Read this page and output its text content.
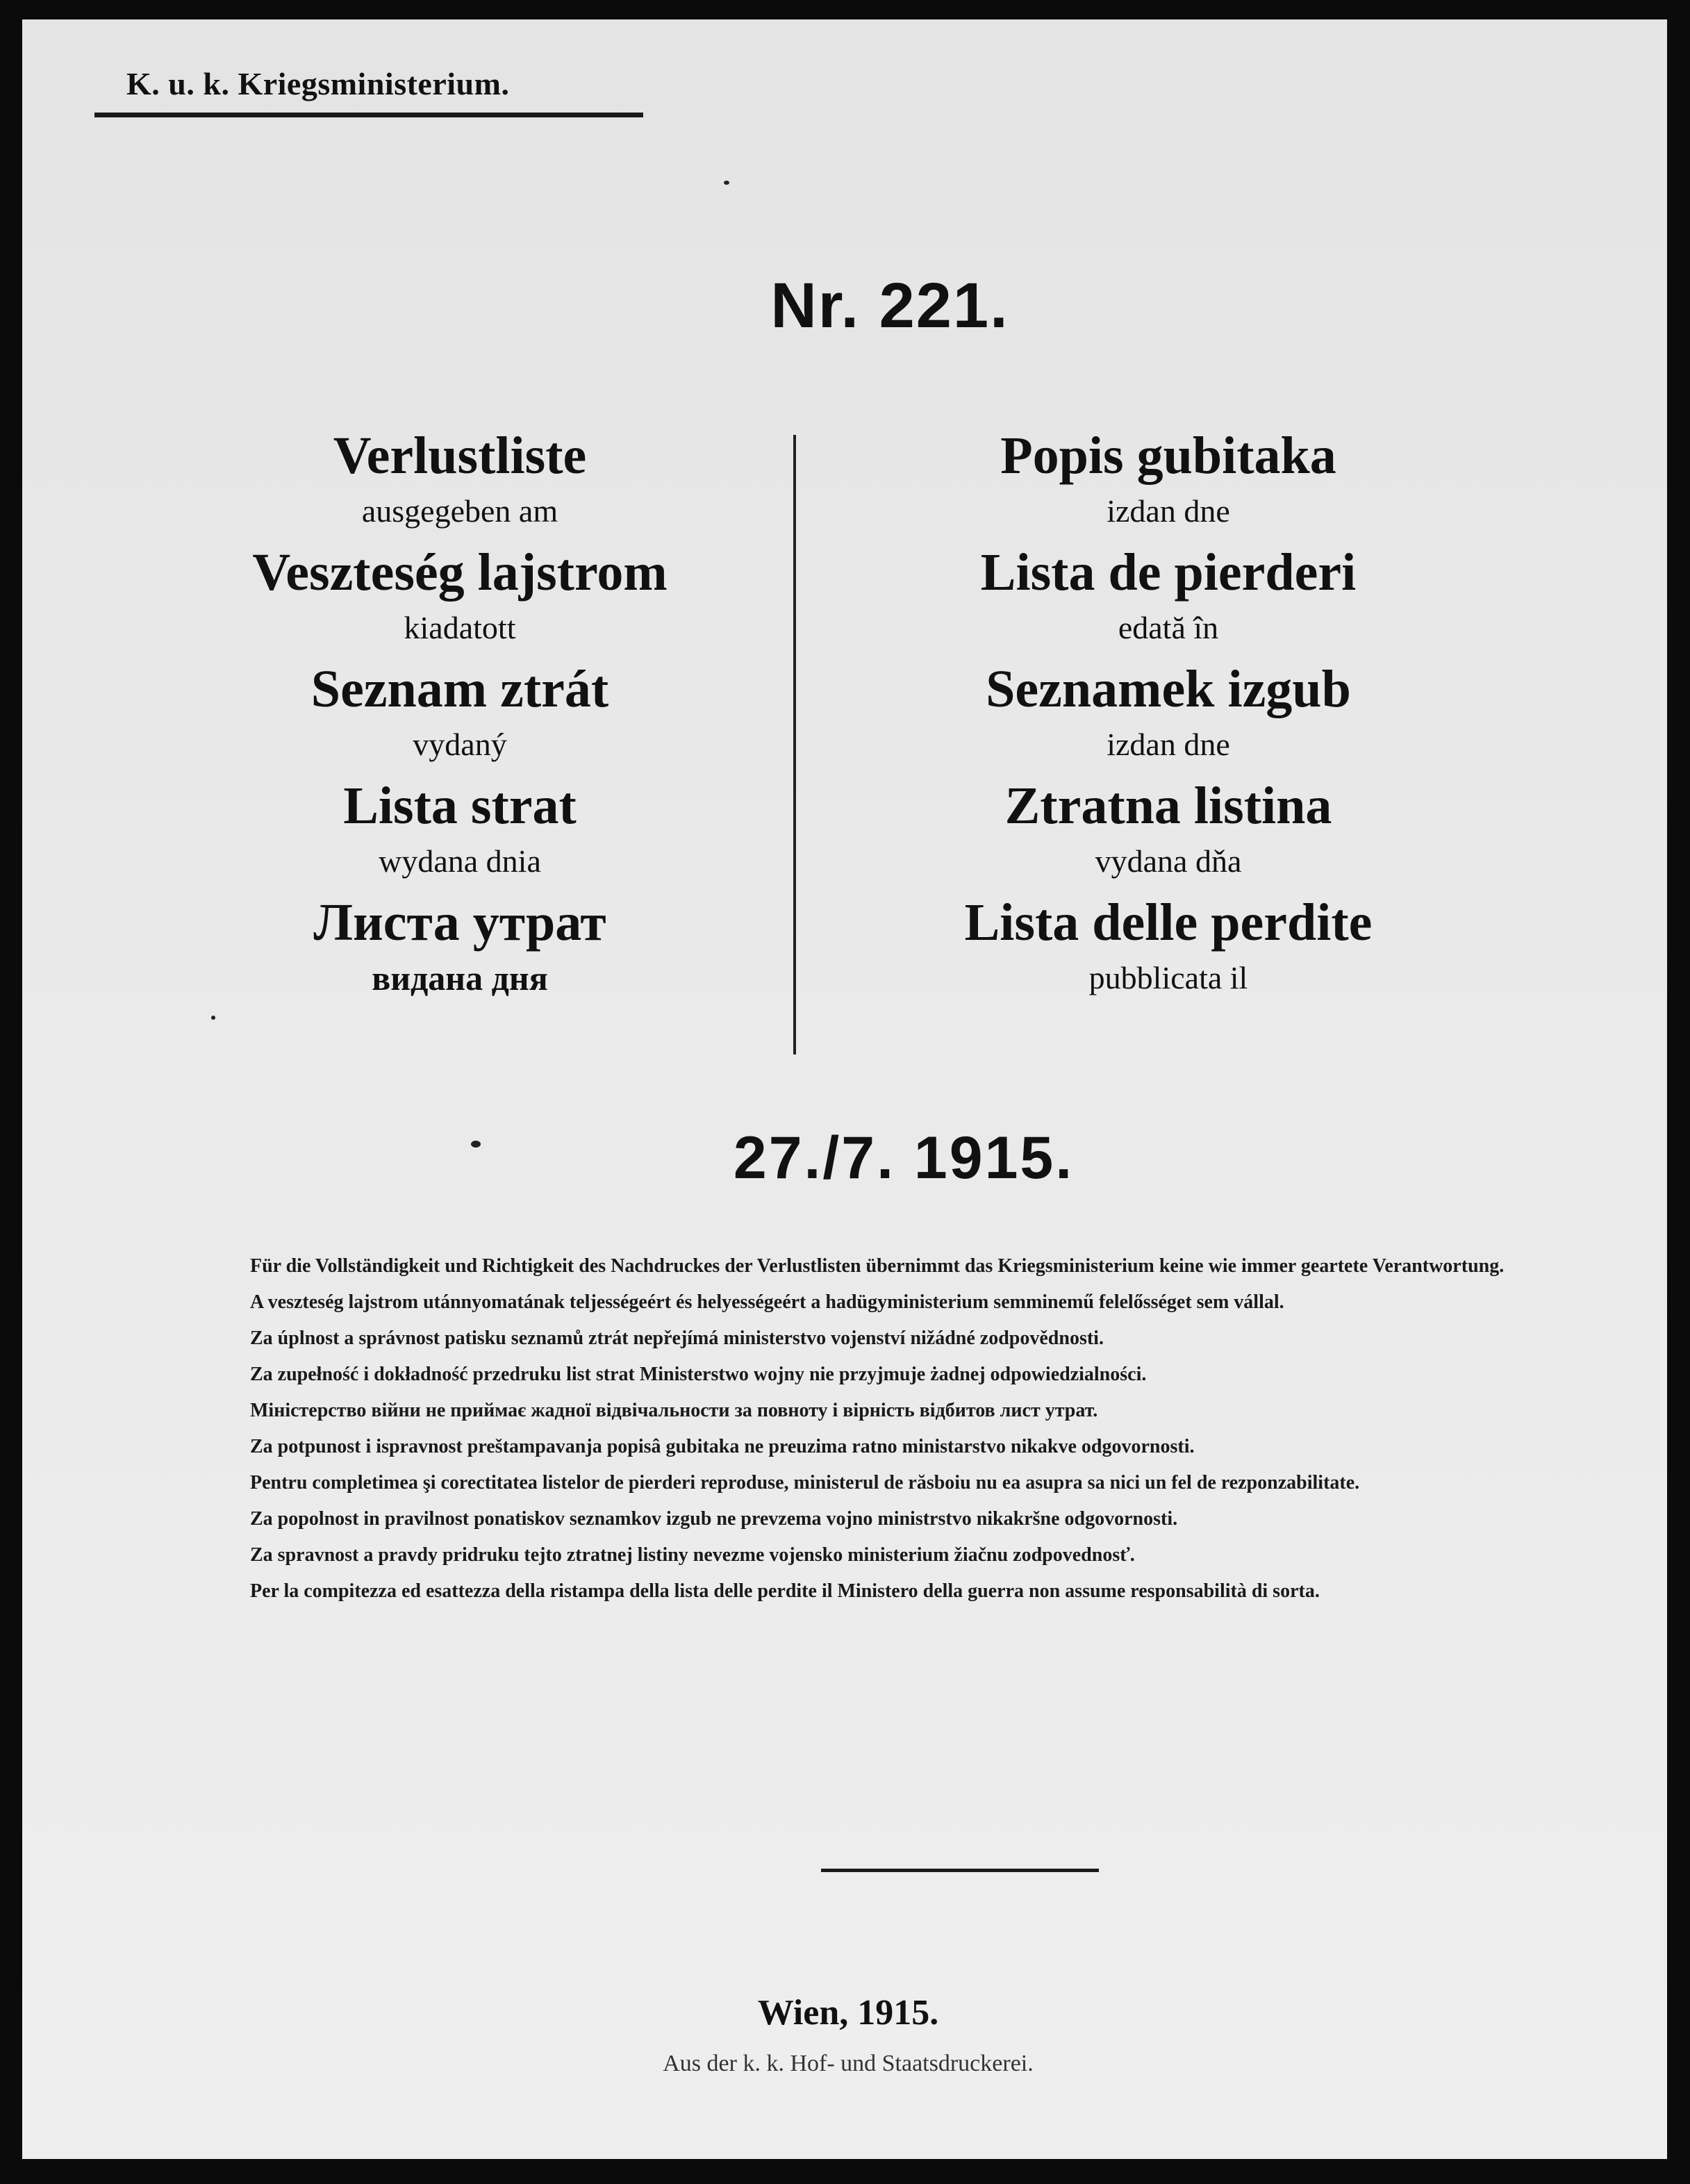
K. u. k. Kriegsministerium.
Nr. 221.
Verlustliste
ausgegeben am
Veszteség lajstrom
kiadatott
Seznam ztrát
vydaný
Lista strat
wydana dnia
Листа утрат
видана дня
Popis gubitaka
izdan dne
Lista de pierderi
edată în
Seznamek izgub
izdan dne
Ztratna listina
vydana dňa
Lista delle perdite
pubblicata il
27./7. 1915.

Für die Vollständigkeit und Richtigkeit des Nachdruckes der Verlustlisten übernimmt das Kriegsministerium keine wie immer geartete Verantwortung.

A veszteség lajstrom utánnyomatának teljességeért és helyességeért a hadügyministerium semminemű felelősséget sem vállal.

Za úplnost a správnost patisku seznamů ztrát nepřejímá ministerstvo vojenství nižádné zodpovědnosti.

Za zupełność i dokładność przedruku list strat Ministerstwo wojny nie przyjmuje żadnej odpowiedzialności.

Міністерство війни не приймає жадної відвічальности за повноту і вірність відбитов лист утрат.

Za potpunost i ispravnost preštampavanja popisâ gubitaka ne preuzima ratno ministarstvo nikakve odgovornosti.

Pentru completimea şi corectitatea listelor de pierderi reproduse, ministerul de răsboiu nu ea asupra sa nici un fel de rezponzabilitate.

Za popolnost in pravilnost ponatiskov seznamkov izgub ne prevzema vojno ministrstvo nikakršne odgovornosti.

Za spravnost a pravdy pridruku tejto ztratnej listiny nevezme vojensko ministerium žiačnu zodpovednosť.

Per la compitezza ed esattezza della ristampa della lista delle perdite il Ministero della guerra non assume responsabilità di sorta.

Wien, 1915.
Aus der k. k. Hof- und Staatsdruckerei.
